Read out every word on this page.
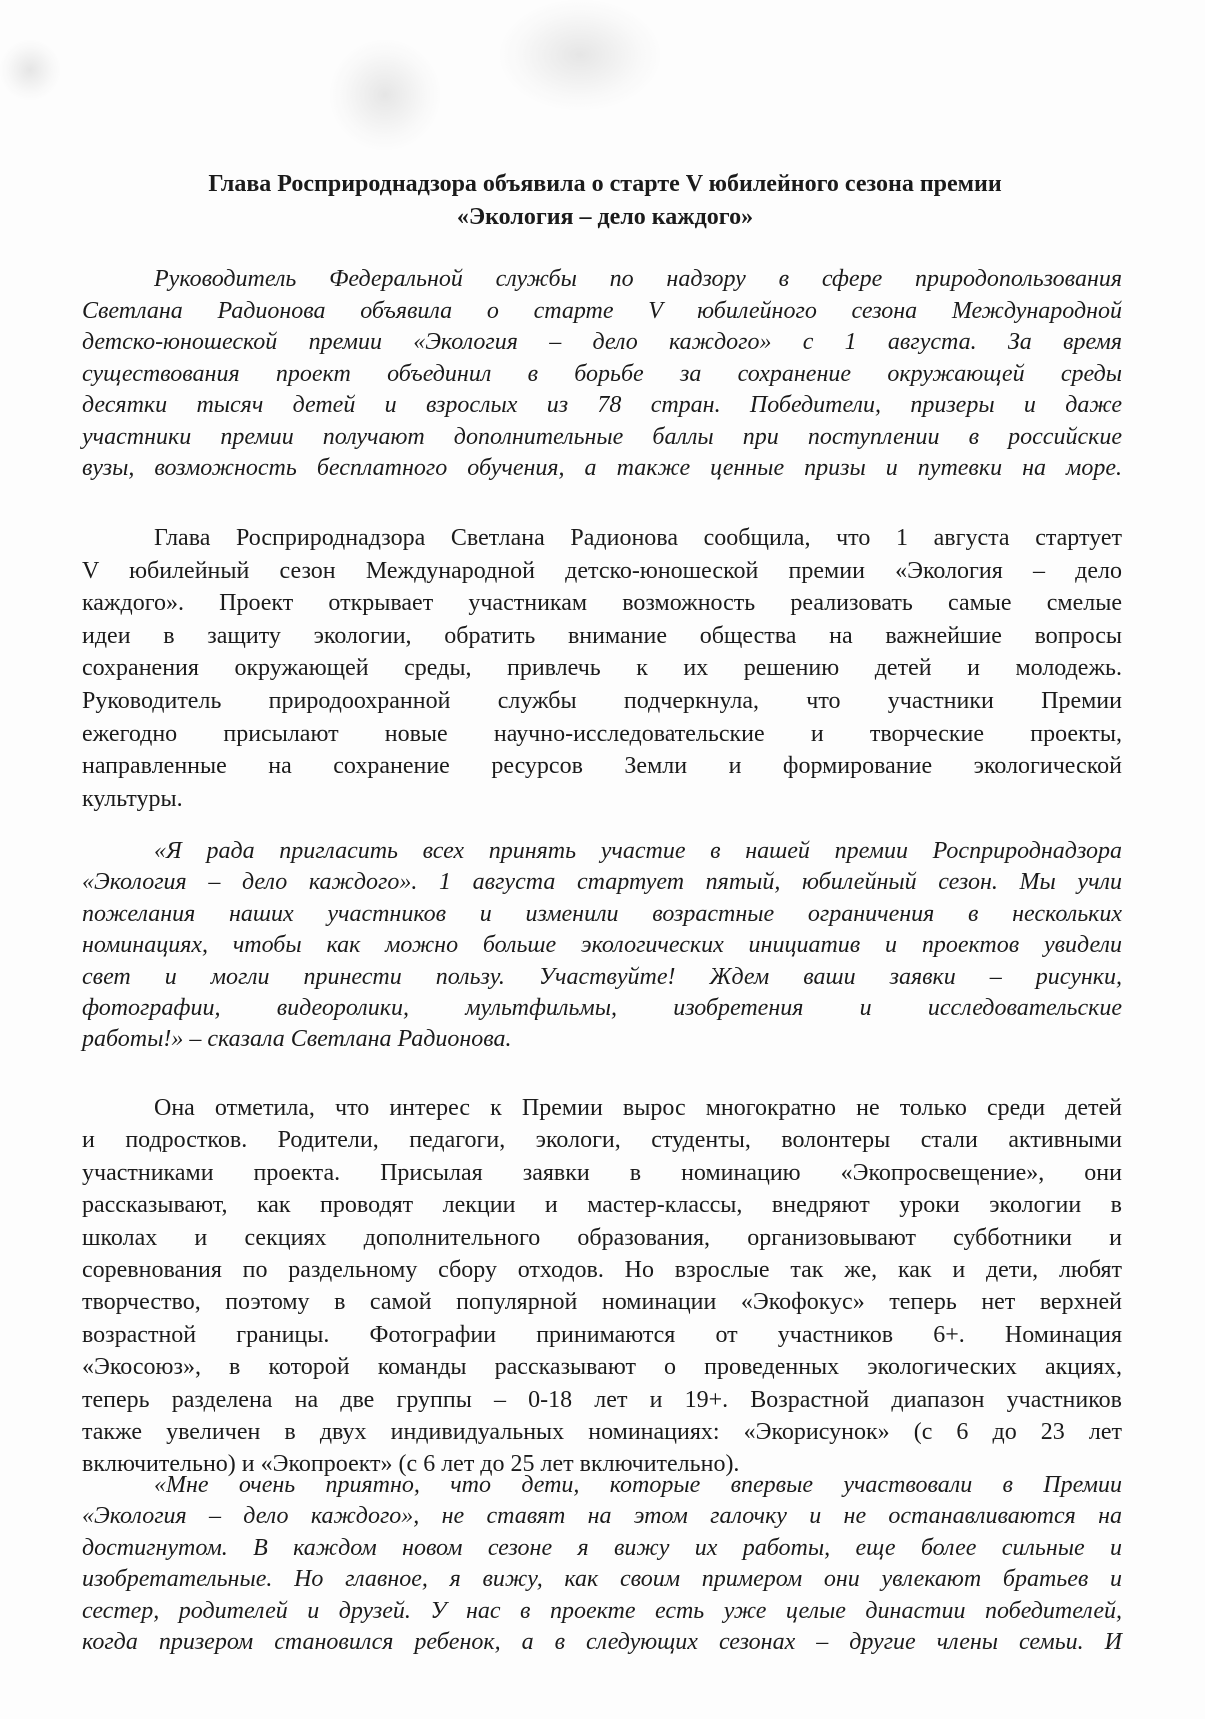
Глава Росприроднадзора объявила о старте V юбилейного сезона премии
«Экология – дело каждого»

Руководитель Федеральной службы по надзору в сфере природопользования
Светлана Радионова объявила о старте V юбилейного сезона Международной
детско-юношеской премии «Экология – дело каждого» с 1 августа. За время
существования проект объединил в борьбе за сохранение окружающей среды
десятки тысяч детей и взрослых из 78 стран. Победители, призеры и даже
участники премии получают дополнительные баллы при поступлении в российские
вузы, возможность бесплатного обучения, а также ценные призы и путевки на море.

Глава Росприроднадзора Светлана Радионова сообщила, что 1 августа стартует
V юбилейный сезон Международной детско-юношеской премии «Экология – дело
каждого». Проект открывает участникам возможность реализовать самые смелые
идеи в защиту экологии, обратить внимание общества на важнейшие вопросы
сохранения окружающей среды, привлечь к их решению детей и молодежь.
Руководитель природоохранной службы подчеркнула, что участники Премии
ежегодно присылают новые научно-исследовательские и творческие проекты,
направленные на сохранение ресурсов Земли и формирование экологической
культуры.

«Я рада пригласить всех принять участие в нашей премии Росприроднадзора
«Экология – дело каждого». 1 августа стартует пятый, юбилейный сезон. Мы учли
пожелания наших участников и изменили возрастные ограничения в нескольких
номинациях, чтобы как можно больше экологических инициатив и проектов увидели
свет и могли принести пользу. Участвуйте! Ждем ваши заявки – рисунки,
фотографии, видеоролики, мультфильмы, изобретения и исследовательские
работы!» – сказала Светлана Радионова.

Она отметила, что интерес к Премии вырос многократно не только среди детей
и подростков. Родители, педагоги, экологи, студенты, волонтеры стали активными
участниками проекта. Присылая заявки в номинацию «Экопросвещение», они
рассказывают, как проводят лекции и мастер-классы, внедряют уроки экологии в
школах и секциях дополнительного образования, организовывают субботники и
соревнования по раздельному сбору отходов. Но взрослые так же, как и дети, любят
творчество, поэтому в самой популярной номинации «Экофокус» теперь нет верхней
возрастной границы. Фотографии принимаются от участников 6+. Номинация
«Экосоюз», в которой команды рассказывают о проведенных экологических акциях,
теперь разделена на две группы – 0-18 лет и 19+. Возрастной диапазон участников
также увеличен в двух индивидуальных номинациях: «Экорисунок» (с 6 до 23 лет
включительно) и «Экопроект» (с 6 лет до 25 лет включительно).

«Мне очень приятно, что дети, которые впервые участвовали в Премии
«Экология – дело каждого», не ставят на этом галочку и не останавливаются на
достигнутом. В каждом новом сезоне я вижу их работы, еще более сильные и
изобретательные. Но главное, я вижу, как своим примером они увлекают братьев и
сестер, родителей и друзей. У нас в проекте есть уже целые династии победителей,
когда призером становился ребенок, а в следующих сезонах – другие члены семьи. И
